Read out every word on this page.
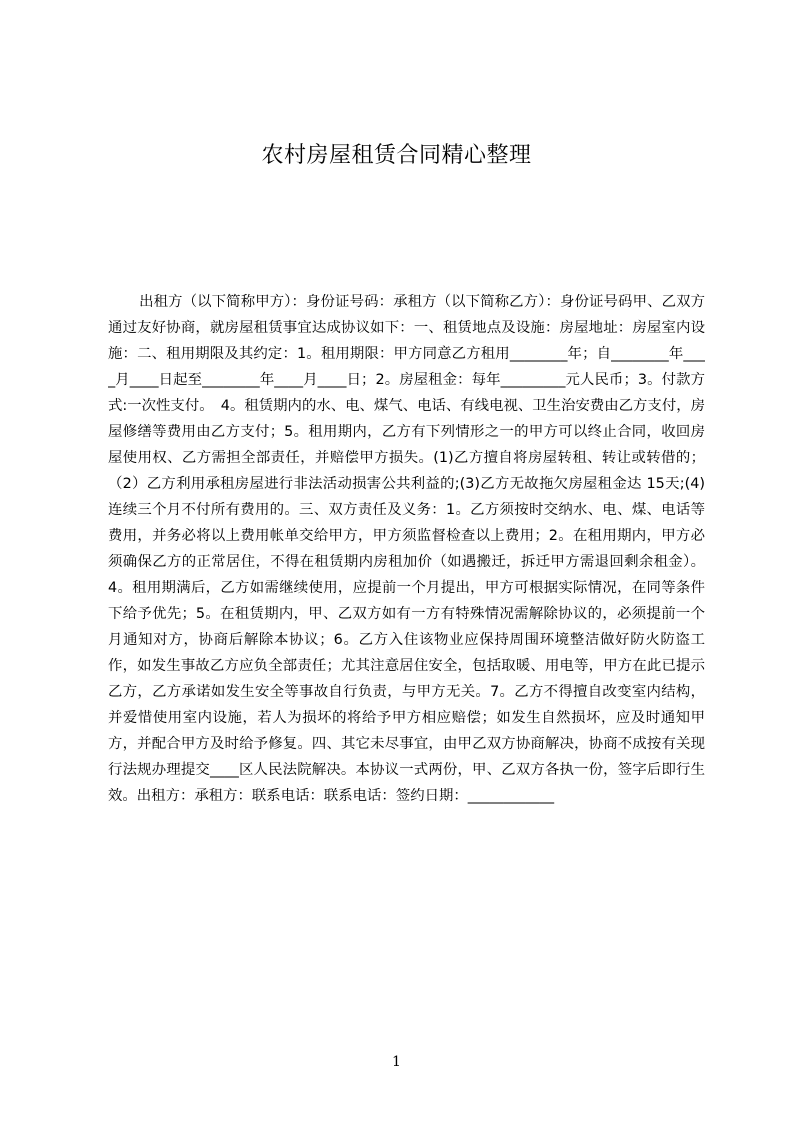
农村房屋租赁合同精心整理

出租方（以下简称甲方）：身份证号码：承租方（以下简称乙方）：身份证号码甲、乙双方通过友好协商，就房屋租赁事宜达成协议如下：一、租赁地点及设施：房屋地址：房屋室内设施：二、租用期限及其约定：1。租用期限：甲方同意乙方租用________年；自________年____月____日起至________年____月____日；2。房屋租金：每年_________元人民币；3。付款方式:一次性支付。　4。租赁期内的水、电、煤气、电话、有线电视、卫生治安费由乙方支付，房屋修缮等费用由乙方支付；5。租用期内，乙方有下列情形之一的甲方可以终止合同，收回房屋使用权、乙方需担全部责任，并赔偿甲方损失。(1)乙方擅自将房屋转租、转让或转借的；（2）乙方利用承租房屋进行非法活动损害公共利益的;(3)乙方无故拖欠房屋租金达 15天;(4)连续三个月不付所有费用的。三、双方责任及义务：1。乙方须按时交纳水、电、煤、电话等费用，并务必将以上费用帐单交给甲方，甲方须监督检查以上费用；2。在租用期内，甲方必须确保乙方的正常居住，不得在租赁期内房租加价（如遇搬迁，拆迁甲方需退回剩余租金）。4。租用期满后，乙方如需继续使用，应提前一个月提出，甲方可根据实际情况，在同等条件下给予优先；5。在租赁期内，甲、乙双方如有一方有特殊情况需解除协议的，必须提前一个月通知对方，协商后解除本协议；6。乙方入住该物业应保持周围环境整洁做好防火防盗工作，如发生事故乙方应负全部责任；尤其注意居住安全，包括取暖、用电等，甲方在此已提示乙方，乙方承诺如发生安全等事故自行负责，与甲方无关。7。乙方不得擅自改变室内结构，并爱惜使用室内设施，若人为损坏的将给予甲方相应赔偿；如发生自然损坏，应及时通知甲方，并配合甲方及时给予修复。四、其它未尽事宜，由甲乙双方协商解决，协商不成按有关现行法规办理提交____区人民法院解决。本协议一式两份，甲、乙双方各执一份，签字后即行生效。出租方：承租方：联系电话：联系电话：签约日期：____________

1
